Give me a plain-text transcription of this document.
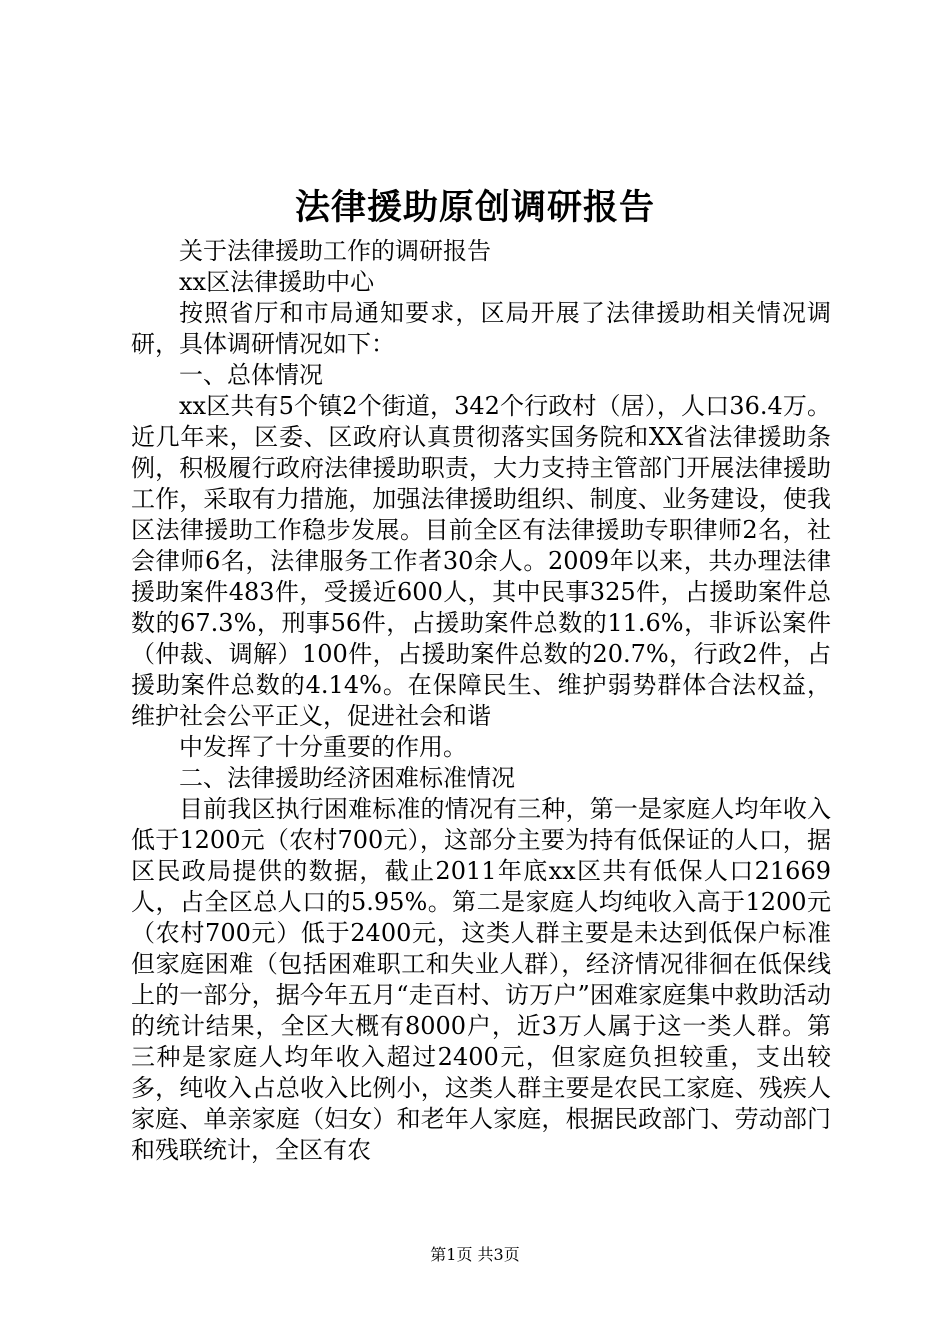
法律援助原创调研报告

关于法律援助工作的调研报告

xx区法律援助中心

按照省厅和市局通知要求，区局开展了法律援助相关情况调研，具体调研情况如下：

一、总体情况

xx区共有5个镇2个街道，342个行政村（居），人口36.4万。近几年来，区委、区政府认真贯彻落实国务院和XX省法律援助条例，积极履行政府法律援助职责，大力支持主管部门开展法律援助工作，采取有力措施，加强法律援助组织、制度、业务建设，使我区法律援助工作稳步发展。目前全区有法律援助专职律师2名，社会律师6名，法律服务工作者30余人。2009年以来，共办理法律援助案件483件，受援近600人，其中民事325件，占援助案件总数的67.3%，刑事56件，占援助案件总数的11.6%，非诉讼案件（仲裁、调解）100件，占援助案件总数的20.7%，行政2件，占援助案件总数的4.14%。在保障民生、维护弱势群体合法权益，维护社会公平正义，促进社会和谐

中发挥了十分重要的作用。

二、法律援助经济困难标准情况

目前我区执行困难标准的情况有三种，第一是家庭人均年收入低于1200元（农村700元），这部分主要为持有低保证的人口，据区民政局提供的数据，截止2011年底xx区共有低保人口21669人，占全区总人口的5.95%。第二是家庭人均纯收入高于1200元（农村700元）低于2400元，这类人群主要是未达到低保户标准但家庭困难（包括困难职工和失业人群），经济情况徘徊在低保线上的一部分，据今年五月“走百村、访万户”困难家庭集中救助活动的统计结果，全区大概有8000户，近3万人属于这一类人群。第三种是家庭人均年收入超过2400元，但家庭负担较重，支出较多，纯收入占总收入比例小，这类人群主要是农民工家庭、残疾人家庭、单亲家庭（妇女）和老年人家庭，根据民政部门、劳动部门和残联统计，全区有农

第1页 共3页
